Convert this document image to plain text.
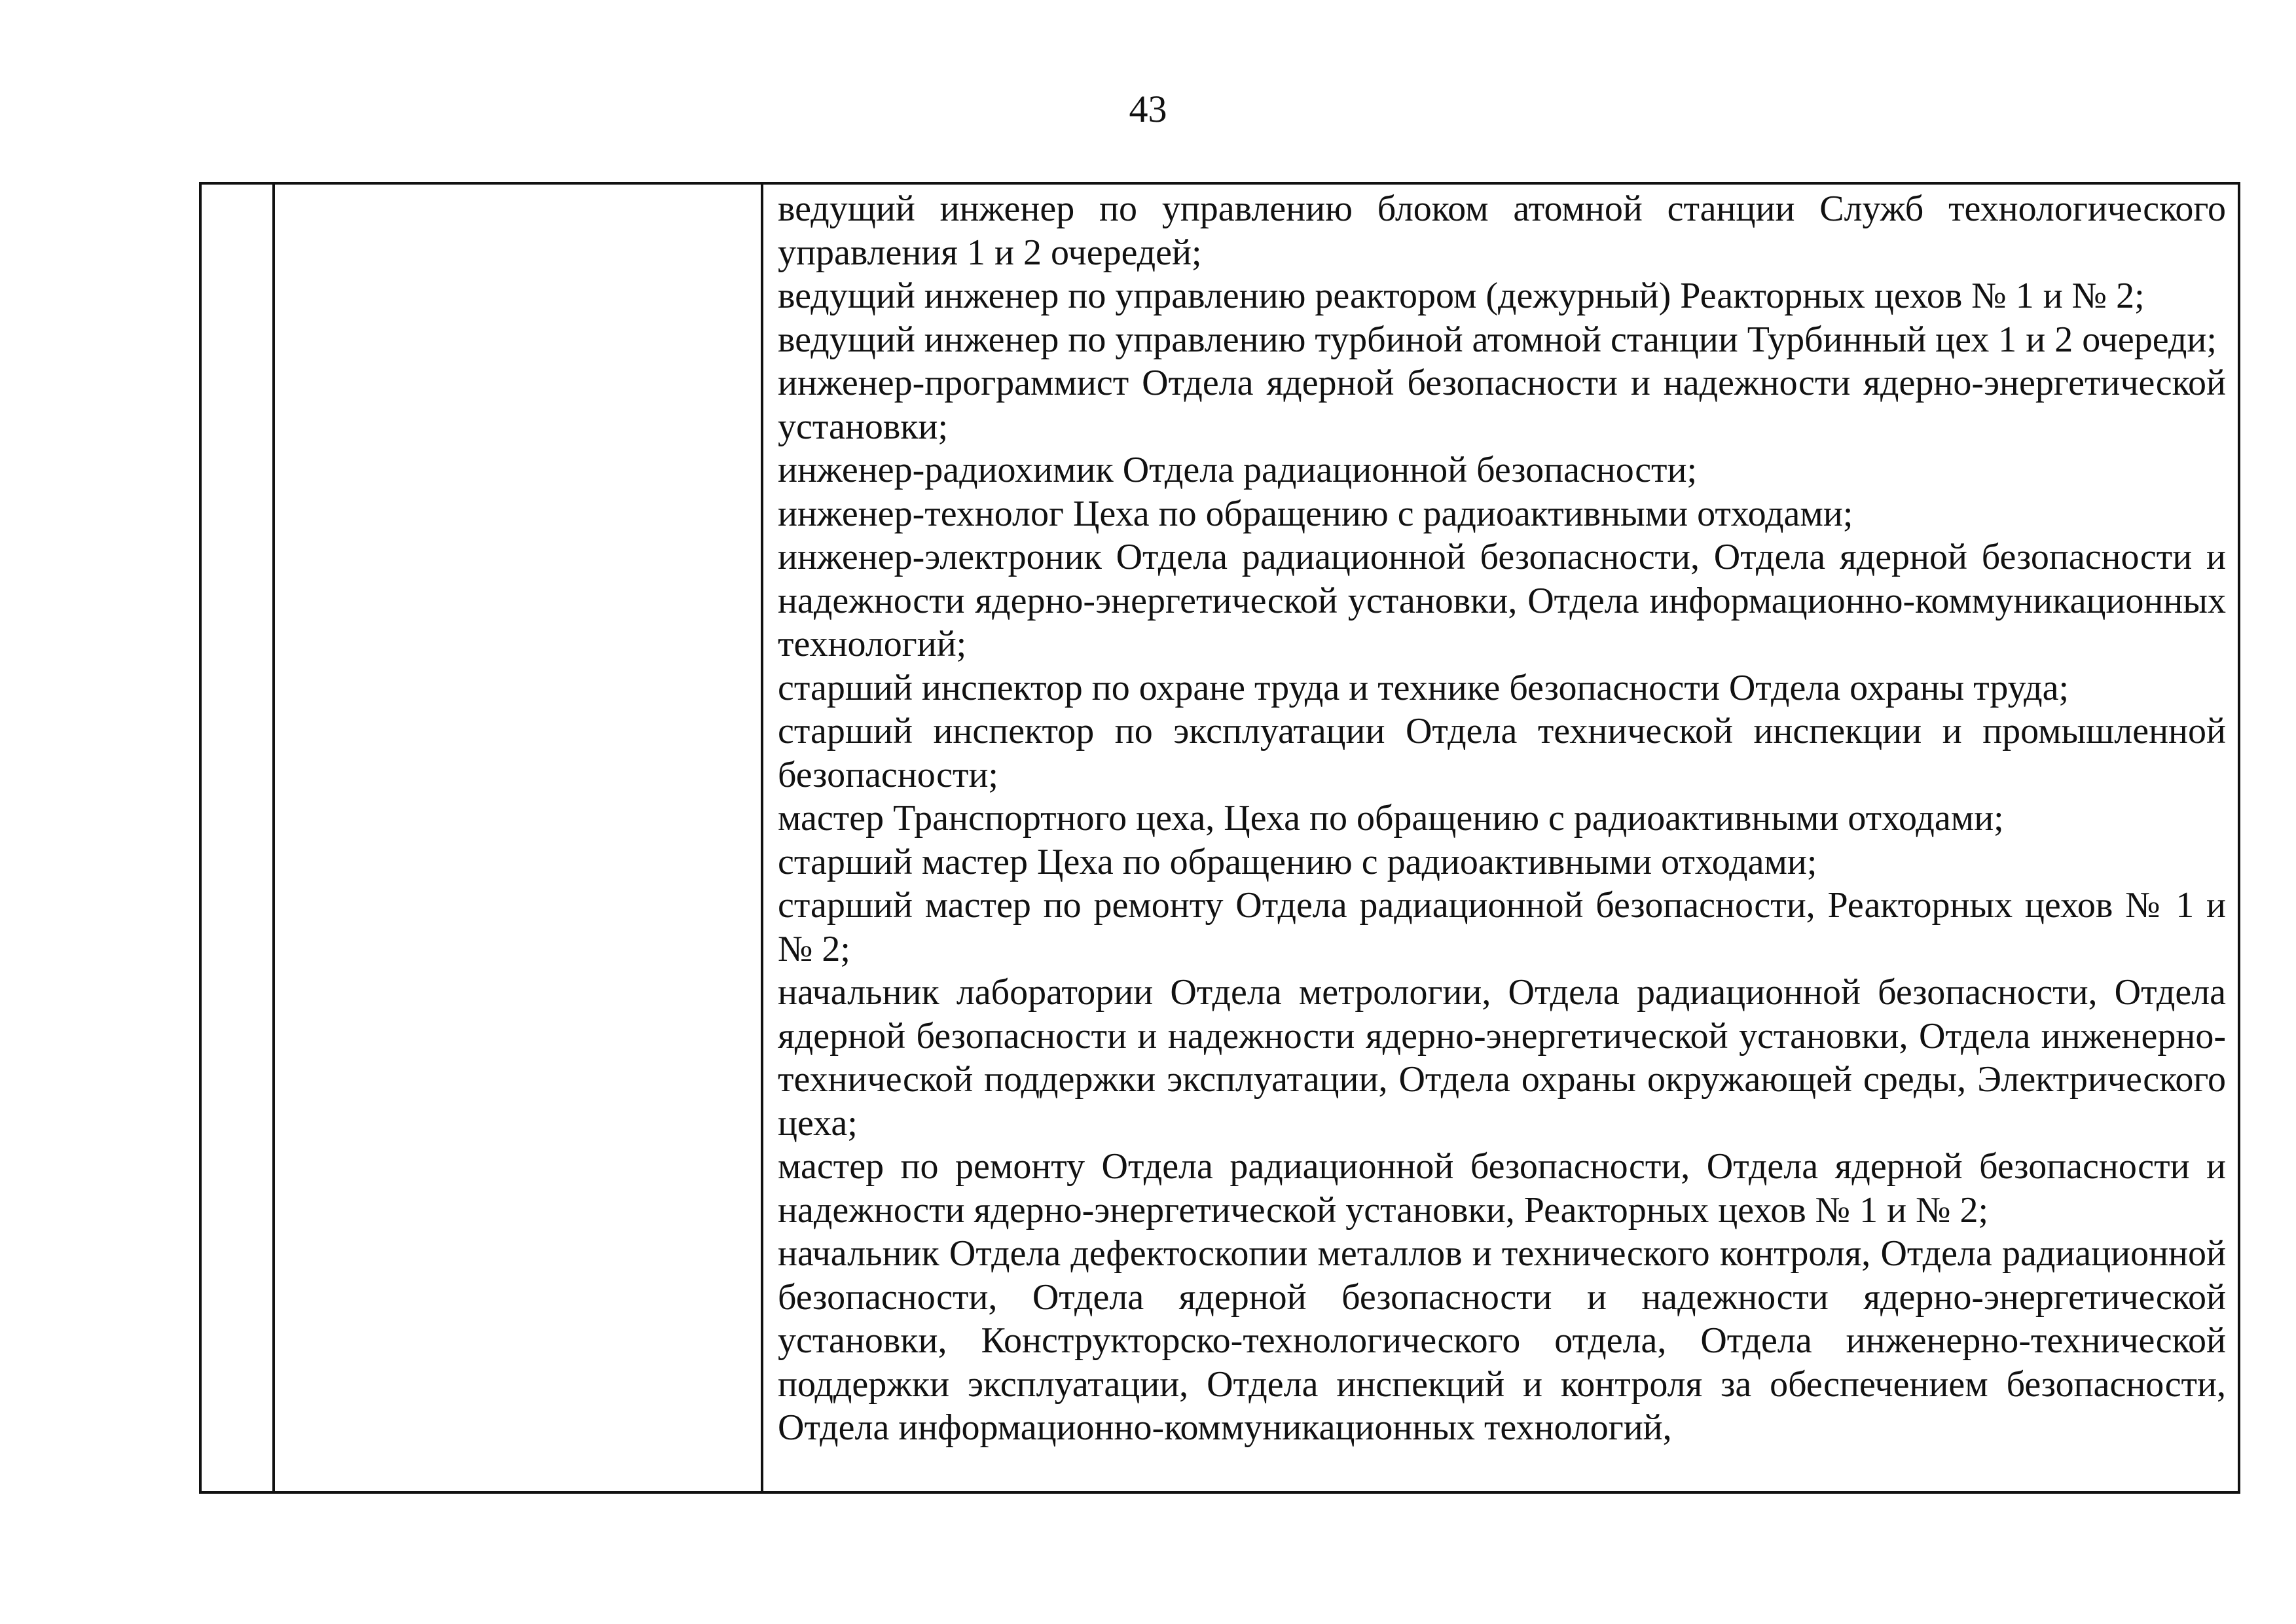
43

ведущий инженер по управлению блоком атомной станции Служб технологического управления 1 и 2 очередей;

ведущий инженер по управлению реактором (дежурный) Реакторных цехов № 1 и № 2;

ведущий инженер по управлению турбиной атомной станции Турбинный цех 1 и 2 очереди;

инженер-программист Отдела ядерной безопасности и надежности ядерно-энергетической установки;

инженер-радиохимик Отдела радиационной безопасности;

инженер-технолог Цеха по обращению с радиоактивными отходами;

инженер-электроник Отдела радиационной безопасности, Отдела ядерной безопасности и надежности ядерно-энергетической установки, Отдела информационно-коммуникационных технологий;

старший инспектор по охране труда и технике безопасности Отдела охраны труда;

старший инспектор по эксплуатации Отдела технической инспекции и промышленной безопасности;

мастер Транспортного цеха, Цеха по обращению с радиоактивными отходами;

старший мастер Цеха по обращению с радиоактивными отходами;

старший мастер по ремонту Отдела радиационной безопасности, Реакторных цехов № 1 и № 2;

начальник лаборатории Отдела метрологии, Отдела радиационной безопасности, Отдела ядерной безопасности и надежности ядерно-энергетической установки, Отдела инженерно-технической поддержки эксплуатации, Отдела охраны окружающей среды, Электрического цеха;

мастер по ремонту Отдела радиационной безопасности, Отдела ядерной безопасности и надежности ядерно-энергетической установки, Реакторных цехов № 1 и № 2;

начальник Отдела дефектоскопии металлов и технического контроля, Отдела радиационной безопасности, Отдела ядерной безопасности и надежности ядерно-энергетической установки, Конструкторско-технологического отдела, Отдела инженерно-технической поддержки эксплуатации, Отдела инспекций и контроля за обеспечением безопасности, Отдела информационно-коммуникационных технологий,
